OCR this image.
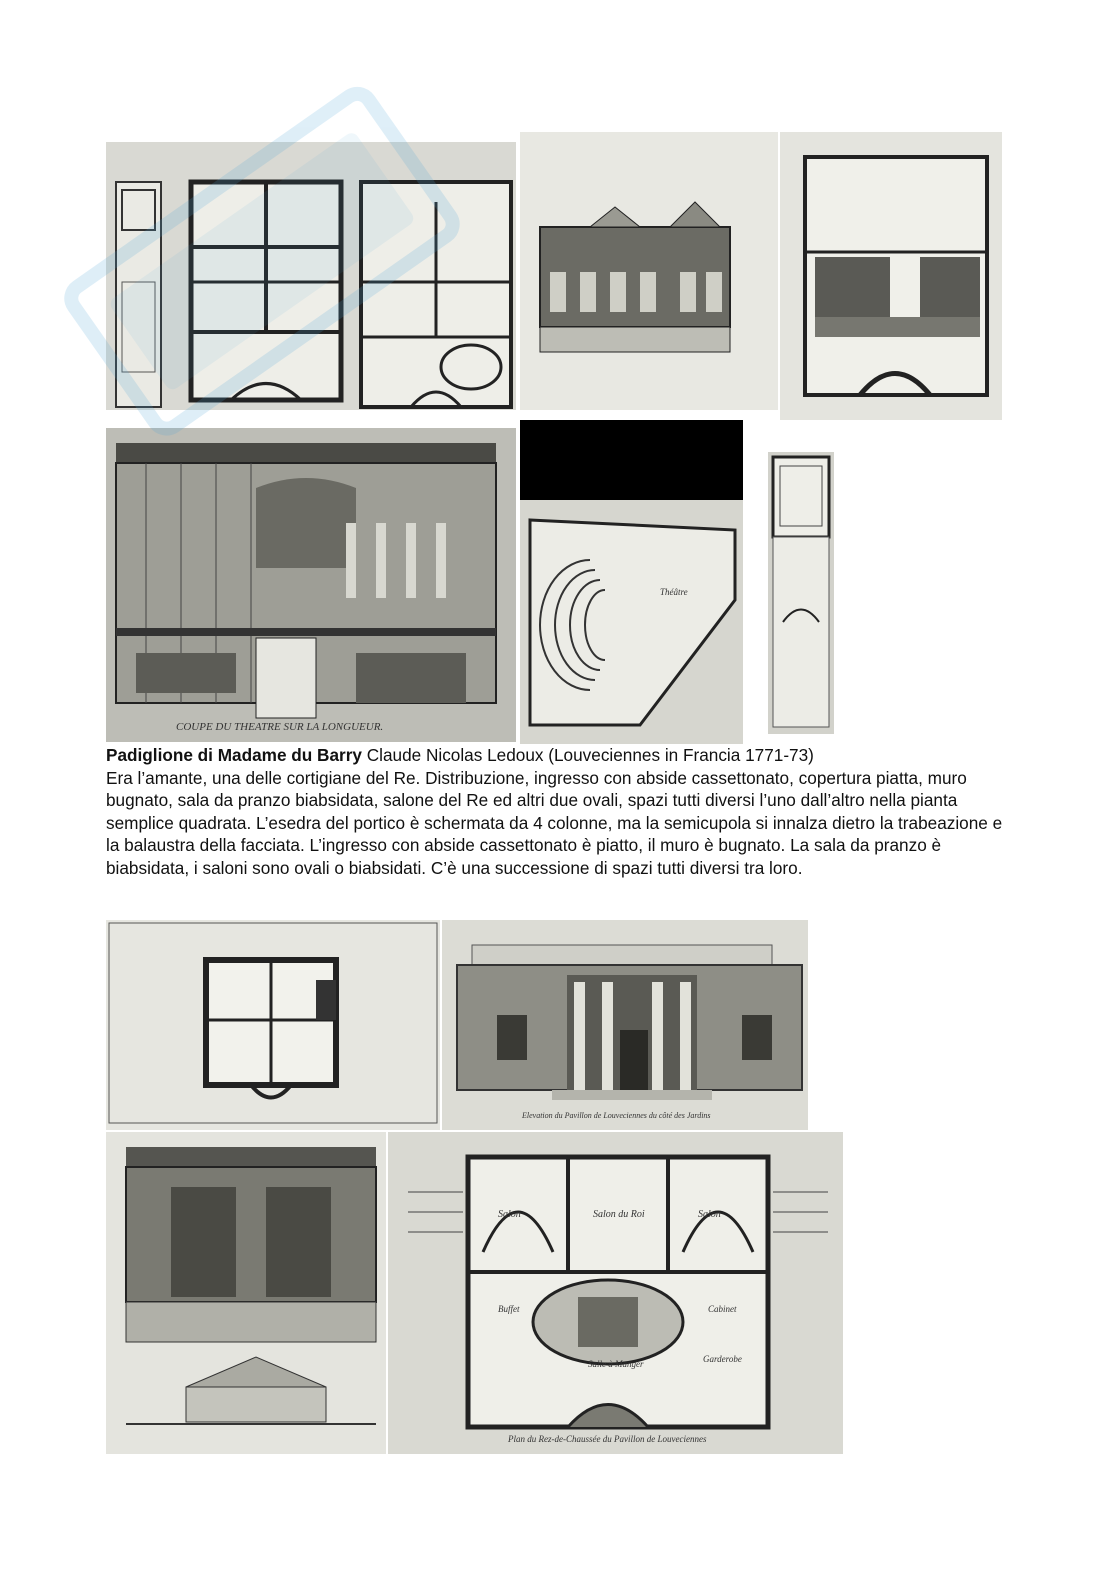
COUPE DU THEATRE SUR LA LONGUEUR.
Théâtre

Padiglione di Madame du Barry Claude Nicolas Ledoux (Louveciennes in Francia 1771-73)

Era l’amante, una delle cortigiane del Re. Distribuzione, ingresso con abside cassettonato, copertura piatta, muro bugnato, sala da pranzo biabsidata, salone del Re ed altri due ovali, spazi tutti diversi l’uno dall’altro nella pianta semplice quadrata. L’esedra del portico è schermata da 4 colonne, ma la semicupola si innalza dietro la trabeazione e la balaustra della facciata. L’ingresso con abside cassettonato è piatto, il muro è bugnato. La sala da pranzo è biabsidata, i saloni sono ovali o biabsidati. C’è una successione di spazi tutti diversi tra loro.

Elevation du Pavillon de Louveciennes du côté des Jardins
Salon	Salon du Roi	Salon
Salle à Manger
Buffet	Cabinet
Garderobe
Plan du Rez-de-Chaussée du Pavillon de Louveciennes
